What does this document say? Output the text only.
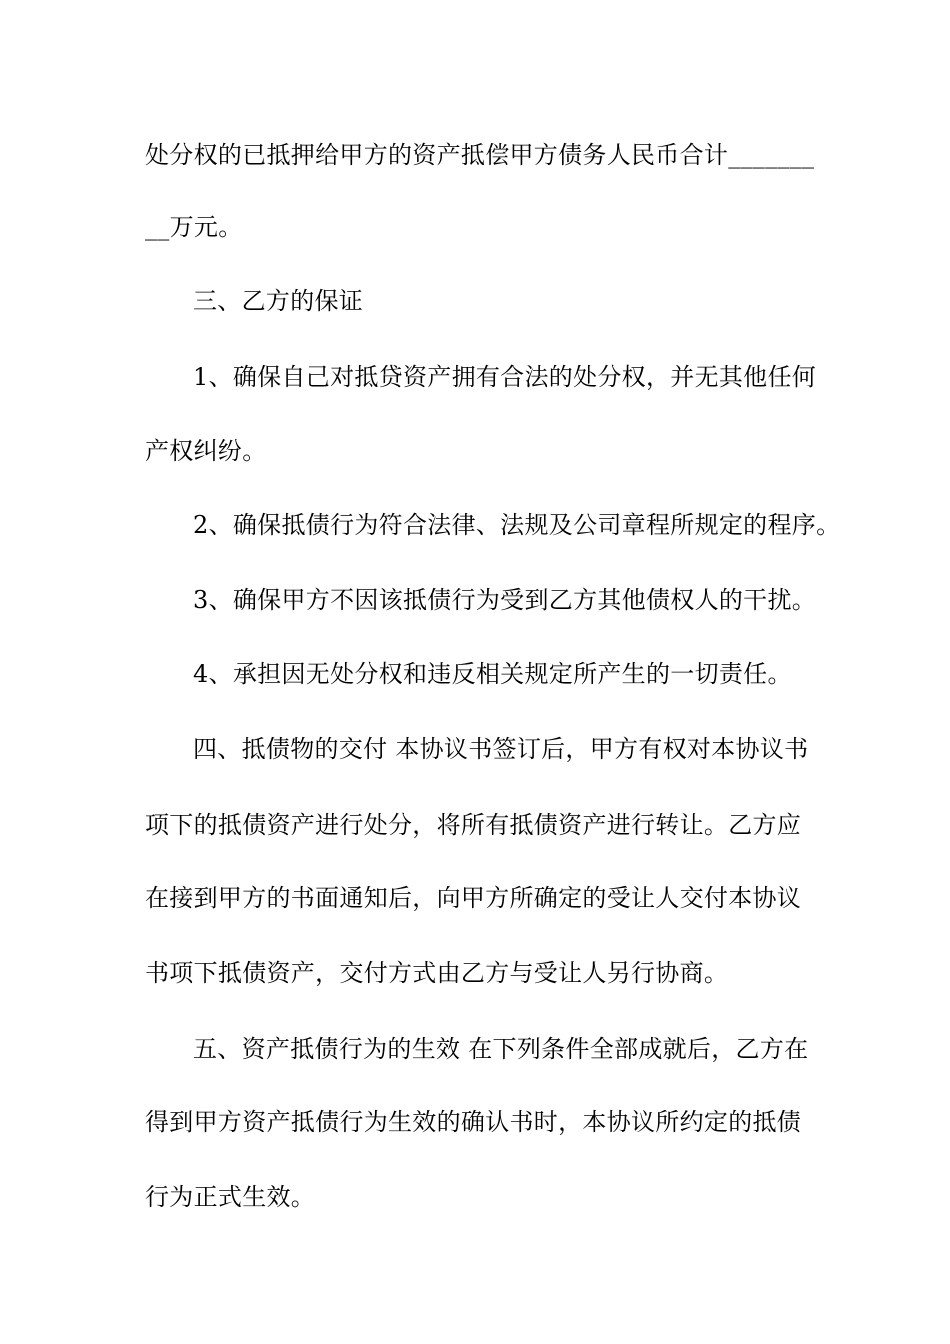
处分权的已抵押给甲方的资产抵偿甲方债务人民币合计_______
__万元。
三、乙方的保证
1、确保自己对抵贷资产拥有合法的处分权，并无其他任何
产权纠纷。
2、确保抵债行为符合法律、法规及公司章程所规定的程序。
3、确保甲方不因该抵债行为受到乙方其他债权人的干扰。
4、承担因无处分权和违反相关规定所产生的一切责任。
四、抵债物的交付 本协议书签订后，甲方有权对本协议书
项下的抵债资产进行处分，将所有抵债资产进行转让。乙方应
在接到甲方的书面通知后，向甲方所确定的受让人交付本协议
书项下抵债资产，交付方式由乙方与受让人另行协商。
五、资产抵债行为的生效 在下列条件全部成就后，乙方在
得到甲方资产抵债行为生效的确认书时，本协议所约定的抵债
行为正式生效。
